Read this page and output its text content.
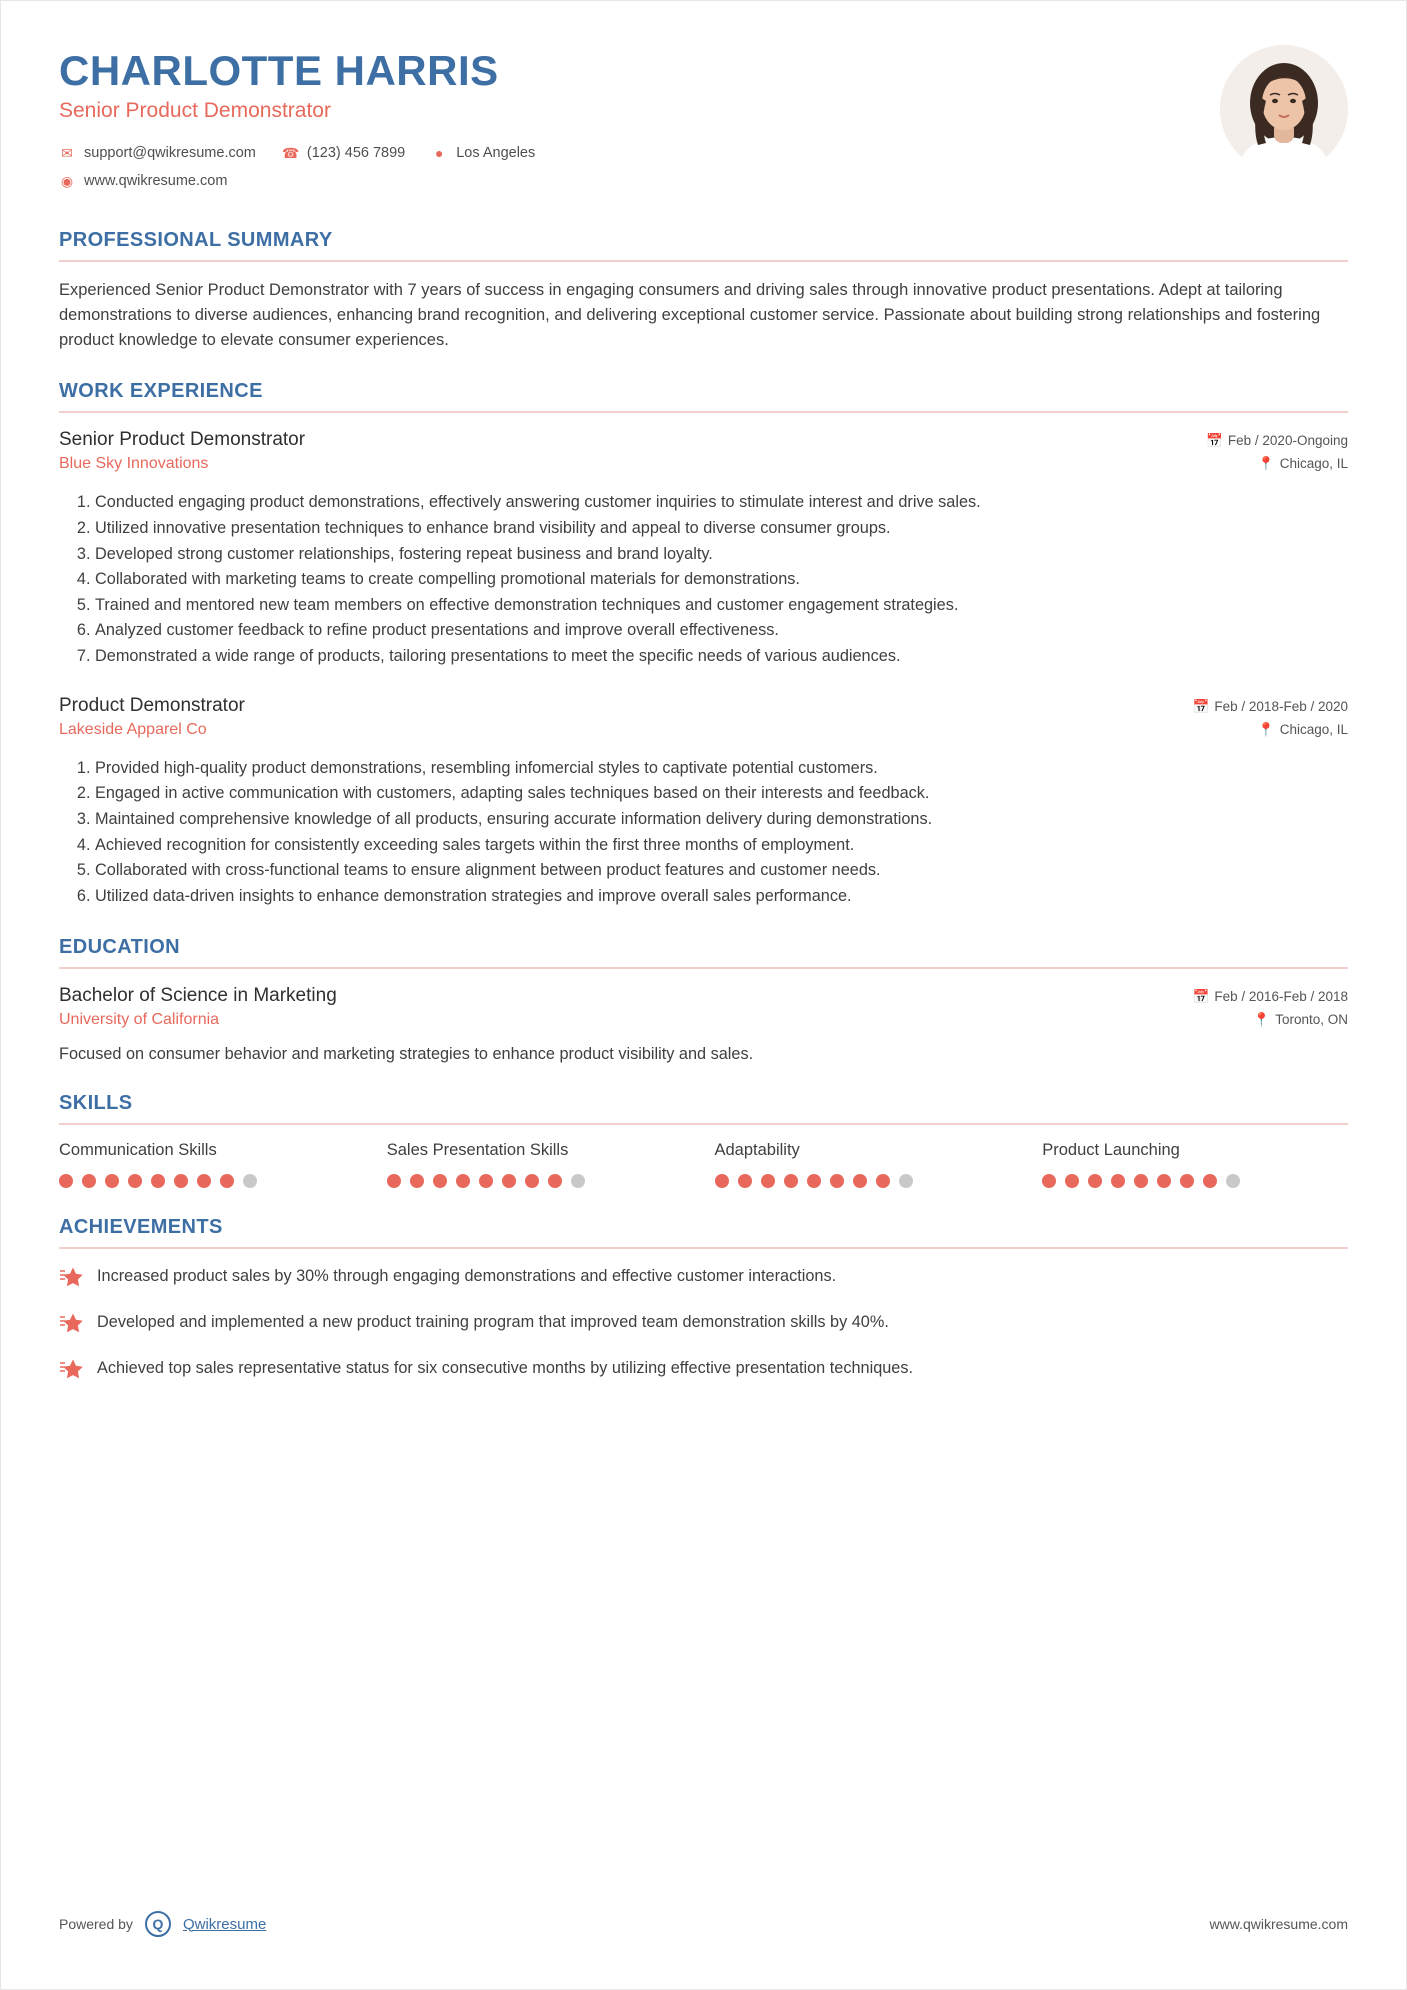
CHARLOTTE HARRIS
Senior Product Demonstrator
✉ support@qwikresume.com ☎ (123) 456 7899 ● Los Angeles
◉ www.qwikresume.com
PROFESSIONAL SUMMARY
Experienced Senior Product Demonstrator with 7 years of success in engaging consumers and driving sales through innovative product presentations. Adept at tailoring demonstrations to diverse audiences, enhancing brand recognition, and delivering exceptional customer service. Passionate about building strong relationships and fostering product knowledge to elevate consumer experiences.
WORK EXPERIENCE
Senior Product Demonstrator
Blue Sky Innovations
📅 Feb / 2020-Ongoing
📍 Chicago, IL
1. Conducted engaging product demonstrations, effectively answering customer inquiries to stimulate interest and drive sales.
2. Utilized innovative presentation techniques to enhance brand visibility and appeal to diverse consumer groups.
3. Developed strong customer relationships, fostering repeat business and brand loyalty.
4. Collaborated with marketing teams to create compelling promotional materials for demonstrations.
5. Trained and mentored new team members on effective demonstration techniques and customer engagement strategies.
6. Analyzed customer feedback to refine product presentations and improve overall effectiveness.
7. Demonstrated a wide range of products, tailoring presentations to meet the specific needs of various audiences.
Product Demonstrator
Lakeside Apparel Co
📅 Feb / 2018-Feb / 2020
📍 Chicago, IL
1. Provided high-quality product demonstrations, resembling infomercial styles to captivate potential customers.
2. Engaged in active communication with customers, adapting sales techniques based on their interests and feedback.
3. Maintained comprehensive knowledge of all products, ensuring accurate information delivery during demonstrations.
4. Achieved recognition for consistently exceeding sales targets within the first three months of employment.
5. Collaborated with cross-functional teams to ensure alignment between product features and customer needs.
6. Utilized data-driven insights to enhance demonstration strategies and improve overall sales performance.
EDUCATION
Bachelor of Science in Marketing
University of California
📅 Feb / 2016-Feb / 2018
📍 Toronto, ON
Focused on consumer behavior and marketing strategies to enhance product visibility and sales.
SKILLS
Communication Skills	Sales Presentation Skills	Adaptability	Product Launching
ACHIEVEMENTS
Increased product sales by 30% through engaging demonstrations and effective customer interactions.
Developed and implemented a new product training program that improved team demonstration skills by 40%.
Achieved top sales representative status for six consecutive months by utilizing effective presentation techniques.
Powered by	Q	Qwikresume	www.qwikresume.com
